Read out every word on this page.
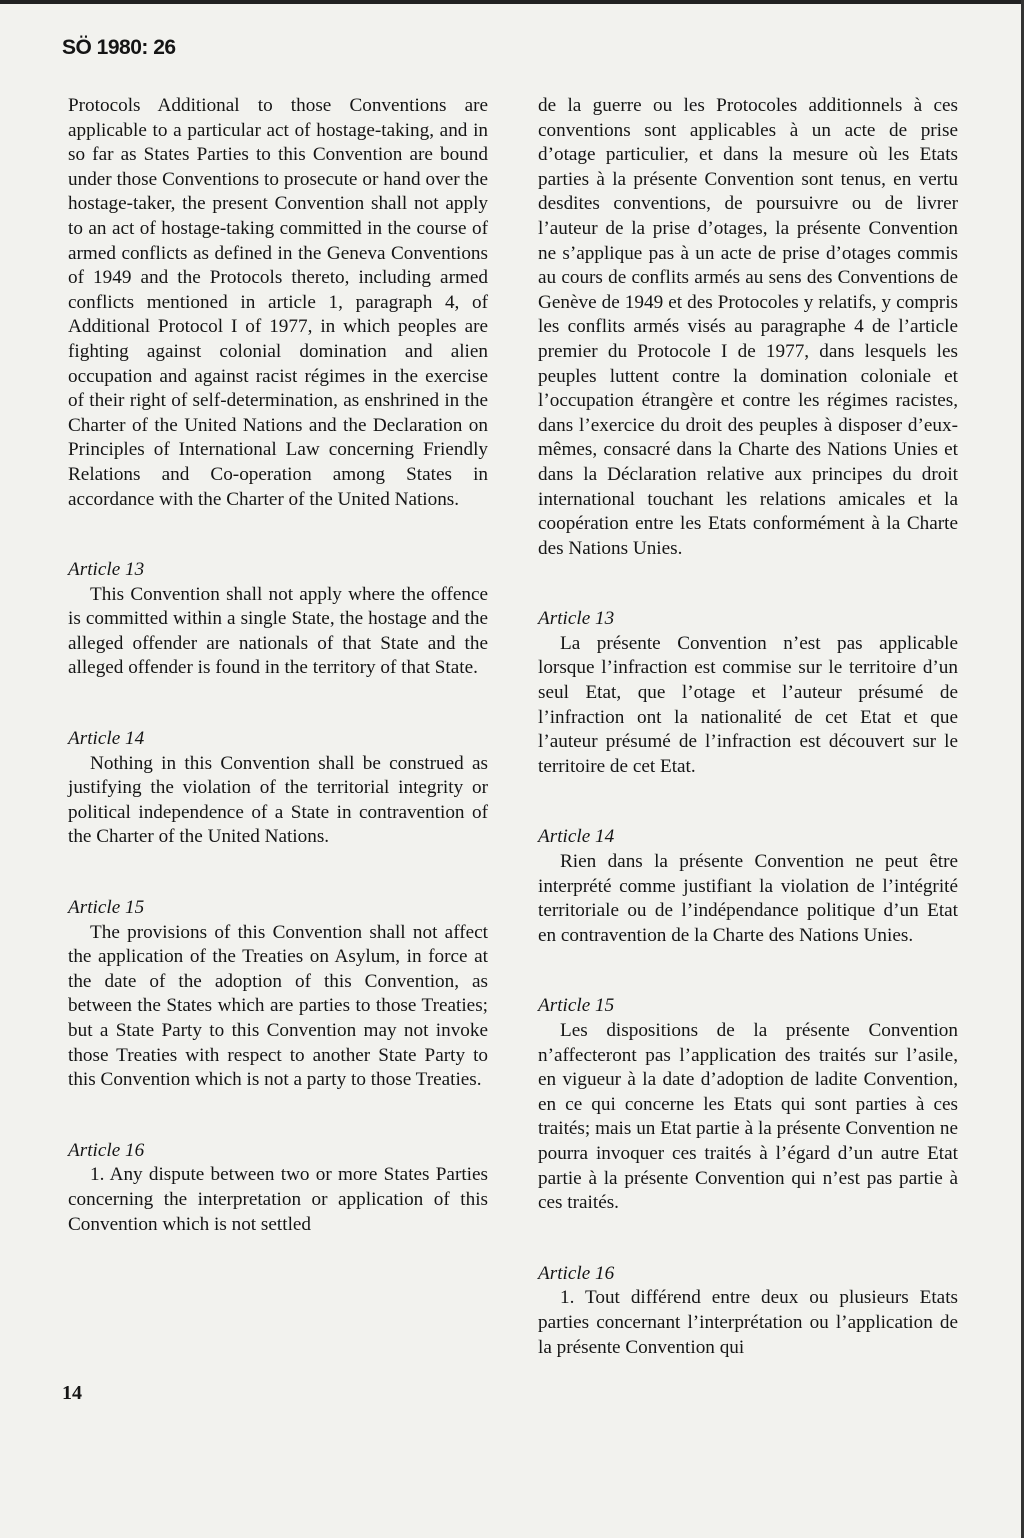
SÖ 1980: 26

Protocols Additional to those Conventions are applicable to a particular act of hostage-taking, and in so far as States Parties to this Convention are bound under those Conventions to prosecute or hand over the hostage-taker, the present Convention shall not apply to an act of hostage-taking committed in the course of armed conflicts as defined in the Geneva Conventions of 1949 and the Protocols thereto, including armed conflicts mentioned in article 1, paragraph 4, of Additional Protocol I of 1977, in which peoples are fighting against colonial domination and alien occupation and against racist régimes in the exercise of their right of self-determination, as enshrined in the Charter of the United Nations and the Declaration on Principles of International Law concerning Friendly Relations and Co-operation among States in accordance with the Charter of the United Nations.

Article 13

This Convention shall not apply where the offence is committed within a single State, the hostage and the alleged offender are nationals of that State and the alleged offender is found in the territory of that State.

Article 14

Nothing in this Convention shall be construed as justifying the violation of the territorial integrity or political independence of a State in contravention of the Charter of the United Nations.

Article 15

The provisions of this Convention shall not affect the application of the Treaties on Asylum, in force at the date of the adoption of this Convention, as between the States which are parties to those Treaties; but a State Party to this Convention may not invoke those Treaties with respect to another State Party to this Convention which is not a party to those Treaties.

Article 16

1. Any dispute between two or more States Parties concerning the interpretation or application of this Convention which is not settled

de la guerre ou les Protocoles additionnels à ces conventions sont applicables à un acte de prise d’otage particulier, et dans la mesure où les Etats parties à la présente Convention sont tenus, en vertu desdites conventions, de poursuivre ou de livrer l’auteur de la prise d’otages, la présente Convention ne s’applique pas à un acte de prise d’otages commis au cours de conflits armés au sens des Conventions de Genève de 1949 et des Protocoles y relatifs, y compris les conflits armés visés au paragraphe 4 de l’article premier du Protocole I de 1977, dans lesquels les peuples luttent contre la domination coloniale et l’occupation étrangère et contre les régimes racistes, dans l’exercice du droit des peuples à disposer d’eux-mêmes, consacré dans la Charte des Nations Unies et dans la Déclaration relative aux principes du droit international touchant les relations amicales et la coopération entre les Etats conformément à la Charte des Nations Unies.

Article 13

La présente Convention n’est pas applicable lorsque l’infraction est commise sur le territoire d’un seul Etat, que l’otage et l’auteur présumé de l’infraction ont la nationalité de cet Etat et que l’auteur présumé de l’infraction est découvert sur le territoire de cet Etat.

Article 14

Rien dans la présente Convention ne peut être interprété comme justifiant la violation de l’intégrité territoriale ou de l’indépendance politique d’un Etat en contravention de la Charte des Nations Unies.

Article 15

Les dispositions de la présente Convention n’affecteront pas l’application des traités sur l’asile, en vigueur à la date d’adoption de ladite Convention, en ce qui concerne les Etats qui sont parties à ces traités; mais un Etat partie à la présente Convention ne pourra invoquer ces traités à l’égard d’un autre Etat partie à la présente Convention qui n’est pas partie à ces traités.

Article 16

1. Tout différend entre deux ou plusieurs Etats parties concernant l’interprétation ou l’application de la présente Convention qui

14
